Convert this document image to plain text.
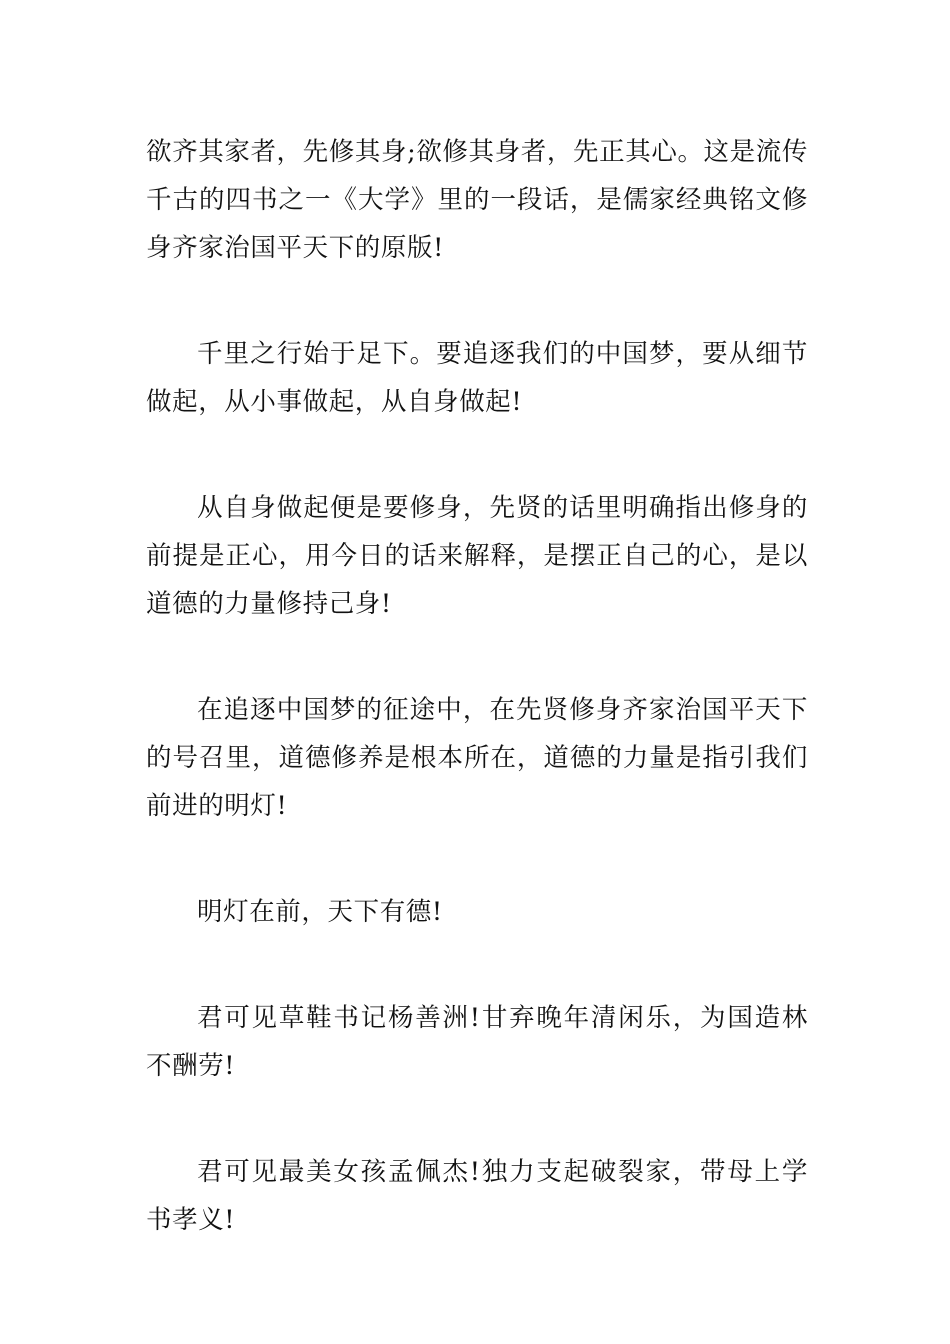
欲齐其家者，先修其身;欲修其身者，先正其心。这是流传千古的四书之一《大学》里的一段话，是儒家经典铭文修身齐家治国平天下的原版!

千里之行始于足下。要追逐我们的中国梦，要从细节做起，从小事做起，从自身做起!

从自身做起便是要修身，先贤的话里明确指出修身的前提是正心，用今日的话来解释，是摆正自己的心，是以道德的力量修持己身!

在追逐中国梦的征途中，在先贤修身齐家治国平天下的号召里，道德修养是根本所在，道德的力量是指引我们前进的明灯!

明灯在前，天下有德!

君可见草鞋书记杨善洲!甘弃晚年清闲乐，为国造林不酬劳!

君可见最美女孩孟佩杰!独力支起破裂家，带母上学书孝义!
